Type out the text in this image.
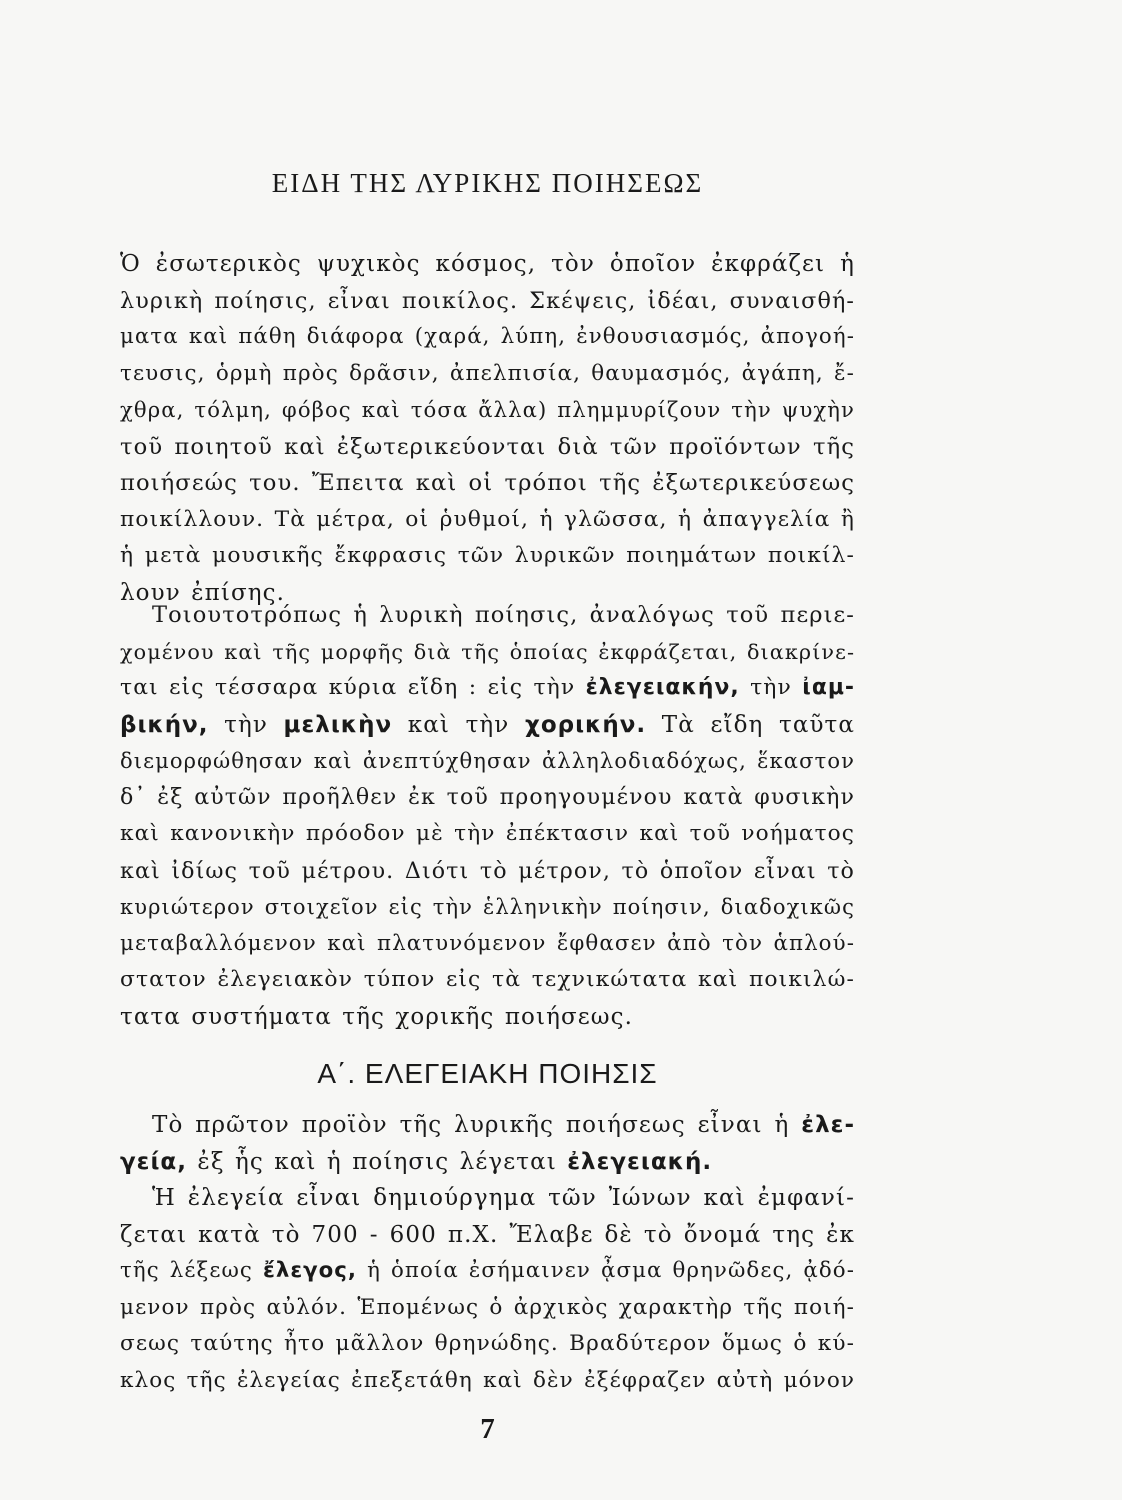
ΕΙΔΗ ΤΗΣ ΛΥΡΙΚΗΣ ΠΟΙΗΣΕΩΣ
Ὁ ἐσωτερικὸς ψυχικὸς κόσμος, τὸν ὁποῖον ἐκφράζει ἡ
λυρικὴ ποίησις, εἶναι ποικίλος. Σκέψεις, ἰδέαι, συναισθή-
ματα καὶ πάθη διάφορα (χαρά, λύπη, ἐνθουσιασμός, ἀπογοή-
τευσις, ὁρμὴ πρὸς δρᾶσιν, ἀπελπισία, θαυμασμός, ἀγάπη, ἔ-
χθρα, τόλμη, φόβος καὶ τόσα ἄλλα) πλημμυρίζουν τὴν ψυχὴν
τοῦ ποιητοῦ καὶ ἐξωτερικεύονται διὰ τῶν προϊόντων τῆς
ποιήσεώς του. Ἔπειτα καὶ οἱ τρόποι τῆς ἐξωτερικεύσεως
ποικίλλουν. Τὰ μέτρα, οἱ ῥυθμοί, ἡ γλῶσσα, ἡ ἀπαγγελία ἢ
ἡ μετὰ μουσικῆς ἔκφρασις τῶν λυρικῶν ποιημάτων ποικίλ-
λουν ἐπίσης.
Τοιουτοτρόπως ἡ λυρικὴ ποίησις, ἀναλόγως τοῦ περιε-
χομένου καὶ τῆς μορφῆς διὰ τῆς ὁποίας ἐκφράζεται, διακρίνε-
ται εἰς τέσσαρα κύρια εἴδη : εἰς τὴν ἐλεγειακήν, τὴν ἰαμ-
βικήν, τὴν μελικὴν καὶ τὴν χορικήν. Τὰ εἴδη ταῦτα
διεμορφώθησαν καὶ ἀνεπτύχθησαν ἀλληλοδιαδόχως, ἕκαστον
δ᾽ ἐξ αὐτῶν προῆλθεν ἐκ τοῦ προηγουμένου κατὰ φυσικὴν
καὶ κανονικὴν πρόοδον μὲ τὴν ἐπέκτασιν καὶ τοῦ νοήματος
καὶ ἰδίως τοῦ μέτρου. Διότι τὸ μέτρον, τὸ ὁποῖον εἶναι τὸ
κυριώτερον στοιχεῖον εἰς τὴν ἑλληνικὴν ποίησιν, διαδοχικῶς
μεταβαλλόμενον καὶ πλατυνόμενον ἔφθασεν ἀπὸ τὸν ἁπλού-
στατον ἐλεγειακὸν τύπον εἰς τὰ τεχνικώτατα καὶ ποικιλώ-
τατα συστήματα τῆς χορικῆς ποιήσεως.
Α΄. ΕΛΕΓΕΙΑΚΗ ΠΟΙΗΣΙΣ
Τὸ πρῶτον προϊὸν τῆς λυρικῆς ποιήσεως εἶναι ἡ ἐλε-
γεία, ἐξ ἧς καὶ ἡ ποίησις λέγεται ἐλεγειακή.
Ἡ ἐλεγεία εἶναι δημιούργημα τῶν Ἰώνων καὶ ἐμφανί-
ζεται κατὰ τὸ 700 - 600 π.Χ. Ἔλαβε δὲ τὸ ὄνομά της ἐκ
τῆς λέξεως ἔλεγος, ἡ ὁποία ἐσήμαινεν ᾆσμα θρηνῶδες, ᾀδό-
μενον πρὸς αὐλόν. Ἑπομένως ὁ ἀρχικὸς χαρακτὴρ τῆς ποιή-
σεως ταύτης ἦτο μᾶλλον θρηνώδης. Βραδύτερον ὅμως ὁ κύ-
κλος τῆς ἐλεγείας ἐπεξετάθη καὶ δὲν ἐξέφραζεν αὐτὴ μόνον
7
